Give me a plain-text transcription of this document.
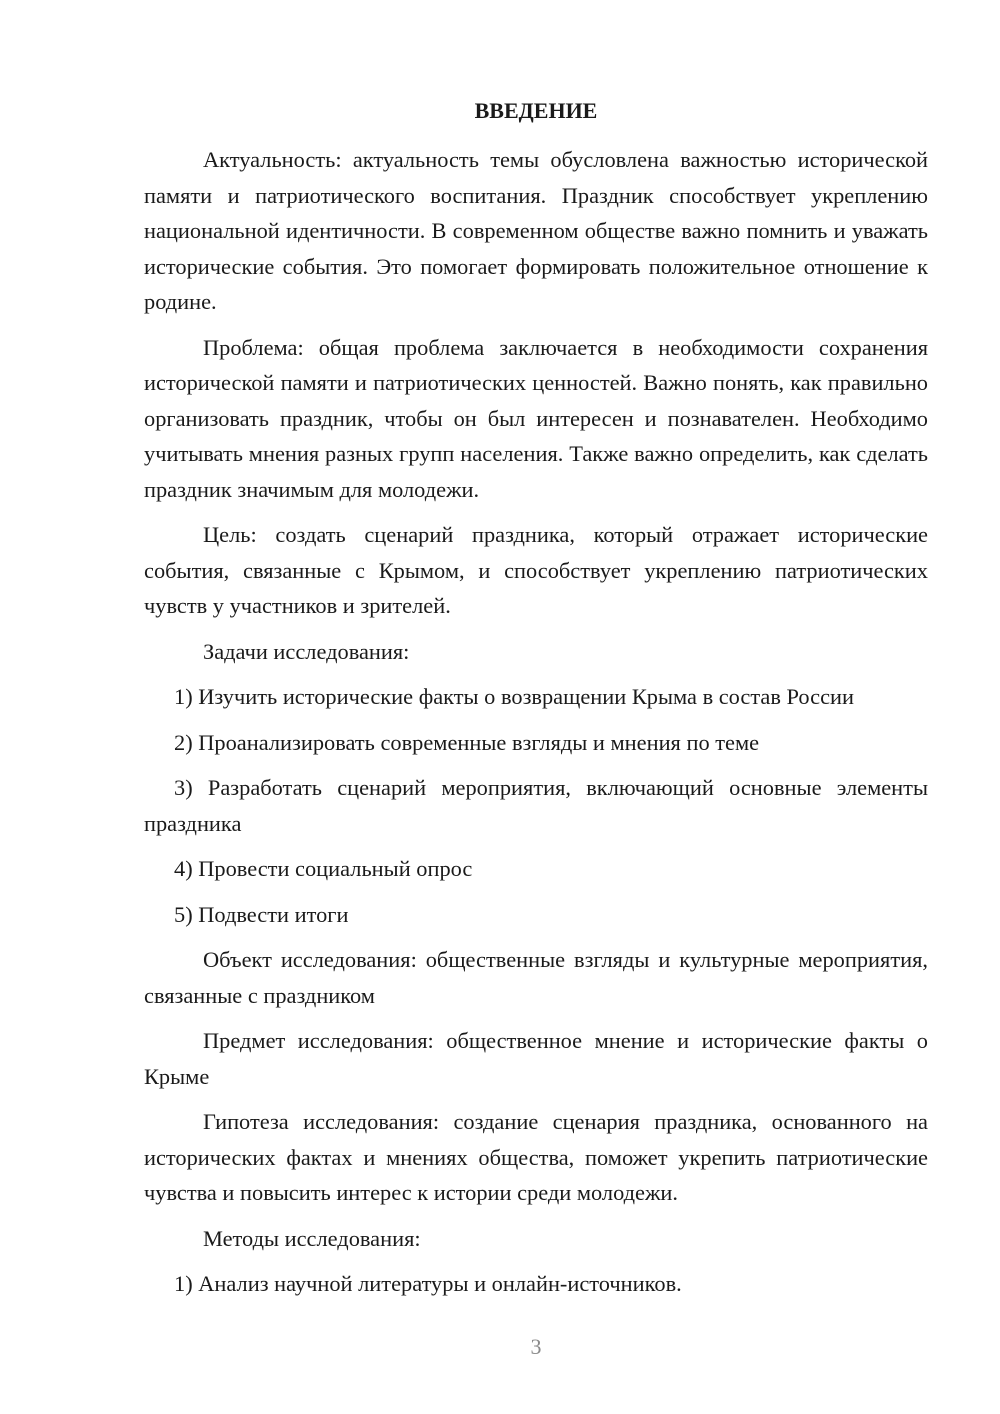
ВВЕДЕНИЕ

Актуальность: актуальность темы обусловлена важностью исторической памяти и патриотического воспитания. Праздник способствует укреплению национальной идентичности. В современном обществе важно помнить и уважать исторические события. Это помогает формировать положительное отношение к родине.

Проблема: общая проблема заключается в необходимости сохранения исторической памяти и патриотических ценностей. Важно понять, как правильно организовать праздник, чтобы он был интересен и познавателен. Необходимо учитывать мнения разных групп населения. Также важно определить, как сделать праздник значимым для молодежи.

Цель: создать сценарий праздника, который отражает исторические события, связанные с Крымом, и способствует укреплению патриотических чувств у участников и зрителей.

Задачи исследования:

1) Изучить исторические факты о возвращении Крыма в состав России

2) Проанализировать современные взгляды и мнения по теме

3) Разработать сценарий мероприятия, включающий основные элементы праздника

4) Провести социальный опрос

5) Подвести итоги

Объект исследования: общественные взгляды и культурные мероприятия, связанные с праздником

Предмет исследования: общественное мнение и исторические факты о Крыме

Гипотеза исследования: создание сценария праздника, основанного на исторических фактах и мнениях общества, поможет укрепить патриотические чувства и повысить интерес к истории среди молодежи.

Методы исследования:

1) Анализ научной литературы и онлайн-источников.

3
